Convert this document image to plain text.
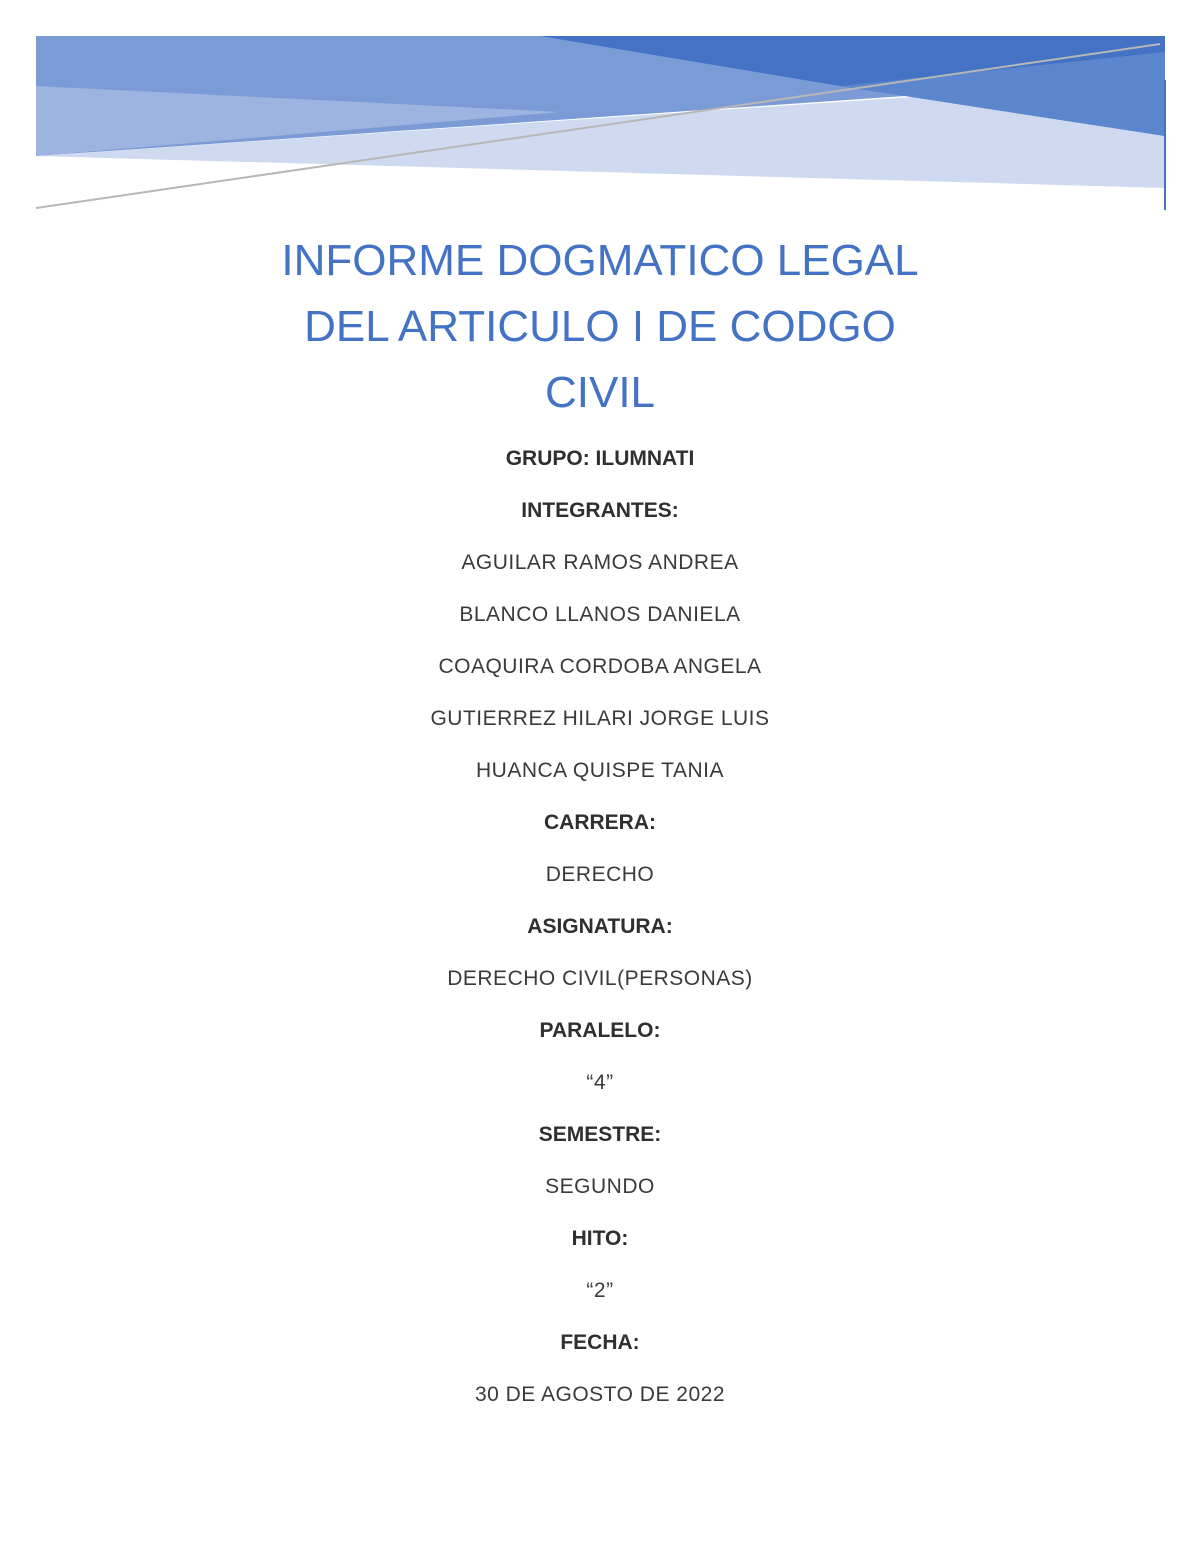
INFORME DOGMATICO LEGAL
DEL ARTICULO I DE CODGO
CIVIL
GRUPO: ILUMNATI
INTEGRANTES:
AGUILAR RAMOS ANDREA
BLANCO LLANOS DANIELA
COAQUIRA CORDOBA ANGELA
GUTIERREZ HILARI JORGE LUIS
HUANCA QUISPE TANIA
CARRERA:
DERECHO
ASIGNATURA:
DERECHO CIVIL(PERSONAS)
PARALELO:
“4”
SEMESTRE:
SEGUNDO
HITO:
“2”
FECHA:
30 DE AGOSTO DE 2022
